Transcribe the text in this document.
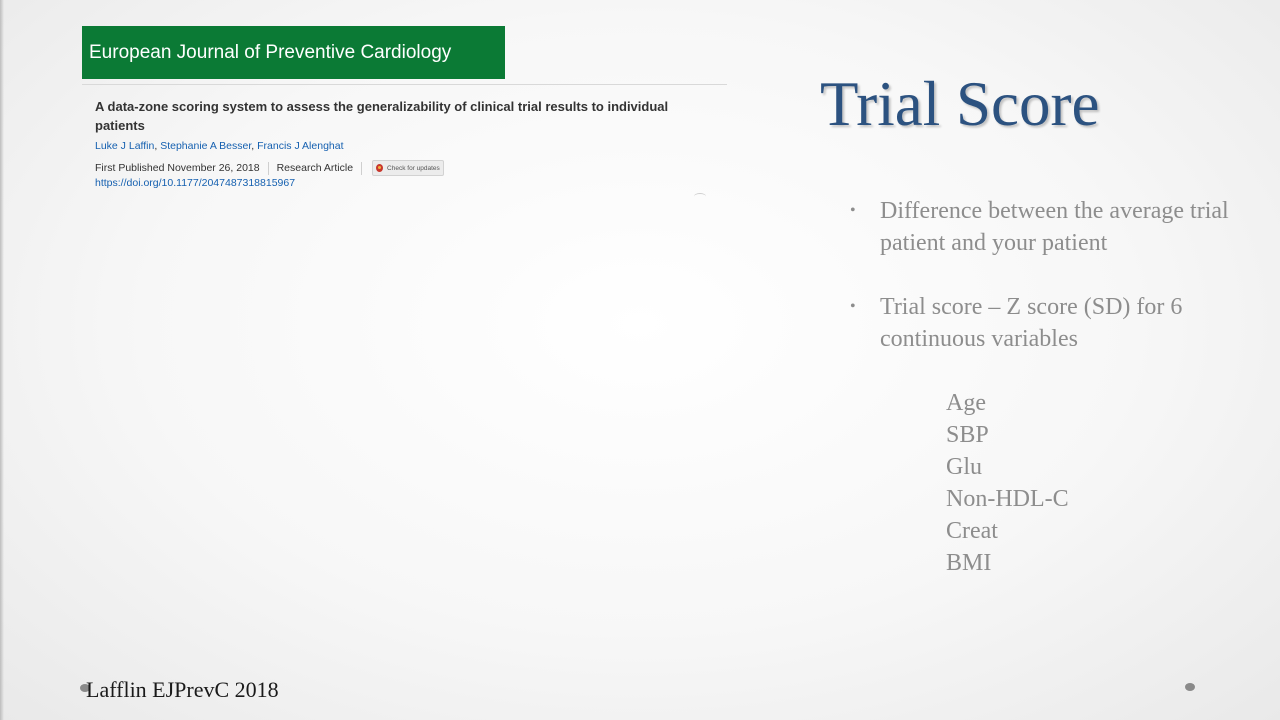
European Journal of Preventive Cardiology
A data-zone scoring system to assess the generalizability of clinical trial results to individual patients
Luke J Laffin, Stephanie A Besser, Francis J Alenghat
First Published November 26, 2018 Research Article	Check for updates
https://doi.org/10.1177/2047487318815967
Trial Score
•	Difference between the average trial patient and your patient
•	Trial score – Z score (SD) for 6 continuous variables
Age
SBP
Glu
Non-HDL-C
Creat
BMI
Lafflin EJPrevC 2018
